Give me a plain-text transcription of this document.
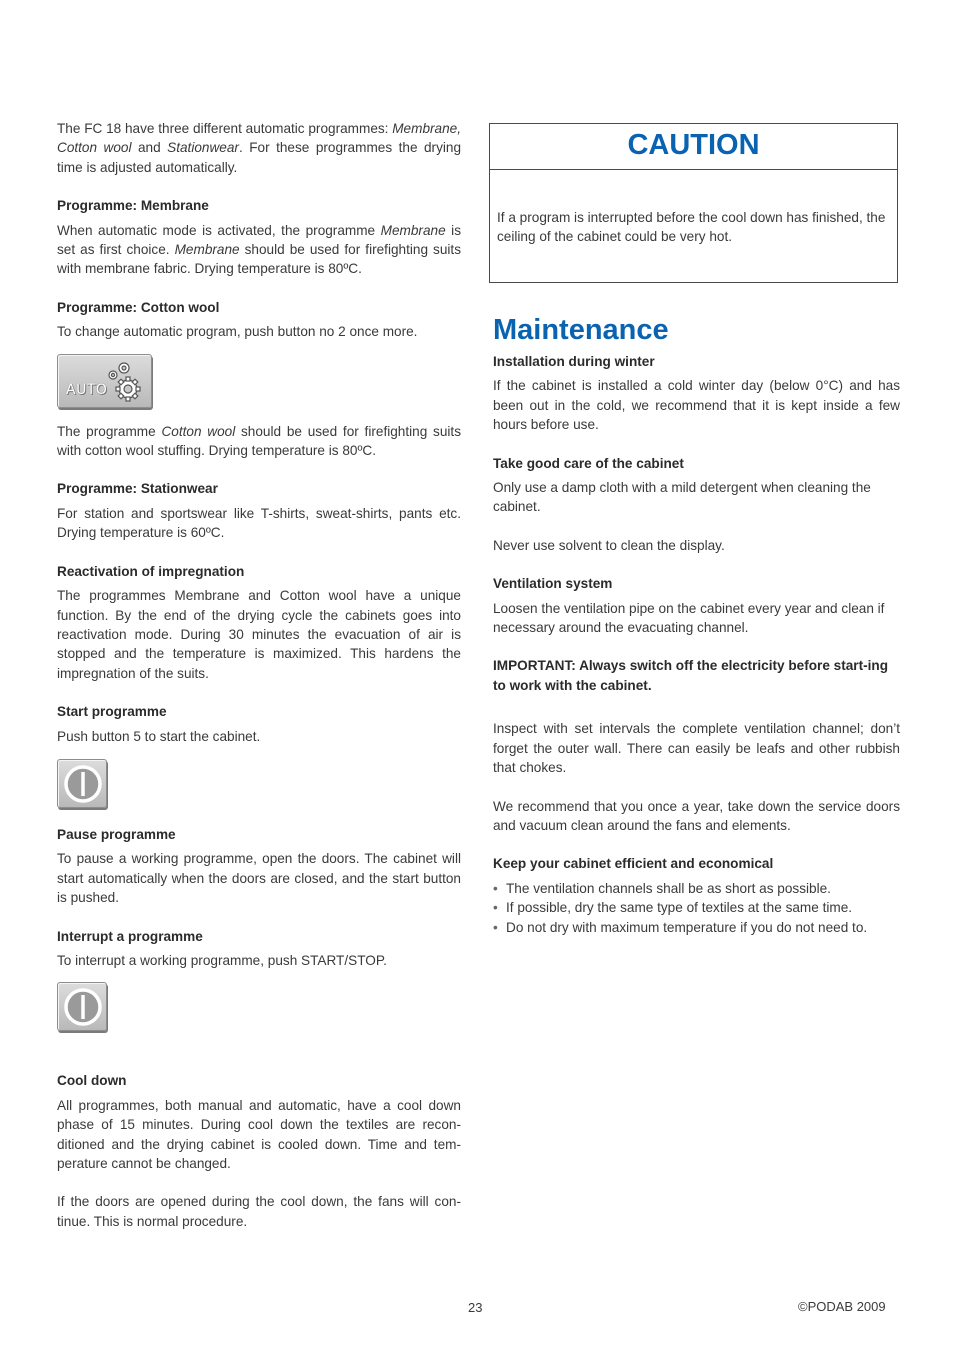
The FC 18 have three different automatic programmes: Membrane, Cotton wool and Stationwear. For these programmes the drying time is adjusted automatically.

Programme: Membrane

When automatic mode is activated, the programme Membrane is set as first choice. Membrane should be used for firefighting suits with membrane fabric. Drying temperature is 80ºC.

Programme: Cotton wool

To change automatic program, push button no 2 once more.

AUTO

The programme Cotton wool should be used for firefighting suits with cotton wool stuffing. Drying temperature is 80ºC.

Programme: Stationwear

For station and sportswear like T-shirts, sweat-shirts, pants etc. Drying temperature is 60ºC.

Reactivation of impregnation

The programmes Membrane and Cotton wool have a unique function. By the end of the drying cycle the cabinets goes into reactivation mode. During 30 minutes the evacuation of air is stopped and the temperature is maximized. This hardens the impregnation of the suits.

Start programme

Push button 5 to start the cabinet.

Pause programme

To pause a working programme, open the doors. The cabinet will start automatically when the doors are closed, and the start button is pushed.

Interrupt a programme

To interrupt a working programme, push START/STOP.

Cool down

All programmes, both manual and automatic, have a cool down phase of 15 minutes. During cool down the textiles are recon-ditioned and the drying cabinet is cooled down. Time and tem-perature cannot be changed.

If the doors are opened during the cool down, the fans will con-tinue. This is normal procedure.

CAUTION

If a program is interrupted before the cool down has finished, the ceiling of the cabinet could be very hot.

Maintenance

Installation during winter

If the cabinet is installed a cold winter day (below 0°C) and has been out in the cold, we recommend that it is kept inside a few hours before use.

Take good care of the cabinet

Only use a damp cloth with a mild detergent when cleaning the cabinet.

Never use solvent to clean the display.

Ventilation system

Loosen the ventilation pipe on the cabinet every year and clean if necessary around the evacuating channel.

IMPORTANT: Always switch off the electricity before start-ing to work with the cabinet.

Inspect with set intervals the complete ventilation channel; don’t forget the outer wall. There can easily be leafs and other rubbish that chokes.

We recommend that you once a year, take down the service doors and vacuum clean around the fans and elements.

Keep your cabinet efficient and economical

• The ventilation channels shall be as short as possible.
• If possible, dry the same type of textiles at the same time.
• Do not dry with maximum temperature if you do not need to.
23	©PODAB 2009
